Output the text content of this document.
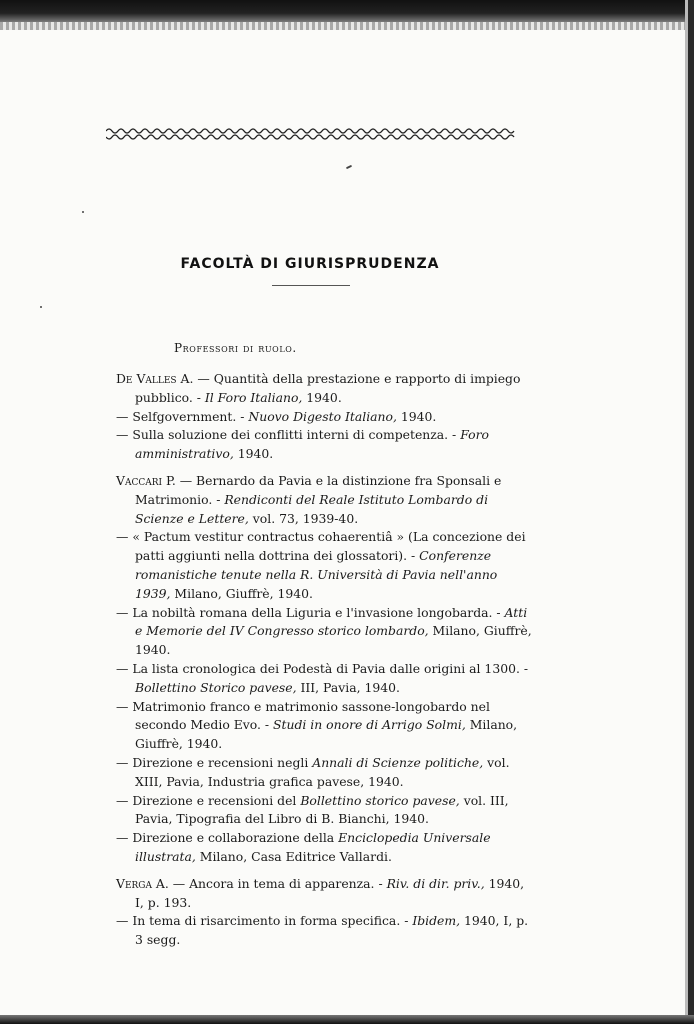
FACOLTÀ DI GIURISPRUDENZA
Professori di ruolo.
De Valles A. — Quantità della prestazione e rapporto di impiego pubblico. - Il Foro Italiano, 1940.
— Selfgovernment. - Nuovo Digesto Italiano, 1940.
— Sulla soluzione dei conflitti interni di competenza. - Foro amministrativo, 1940.
Vaccari P. — Bernardo da Pavia e la distinzione fra Sponsali e Matrimonio. - Rendiconti del Reale Istituto Lombardo di Scienze e Lettere, vol. 73, 1939-40.
— « Pactum vestitur contractus cohaerentiâ » (La concezione dei patti aggiunti nella dottrina dei glossatori). - Conferenze romanistiche tenute nella R. Università di Pavia nell'anno 1939, Milano, Giuffrè, 1940.
— La nobiltà romana della Liguria e l'invasione longobarda. - Atti e Memorie del IV Congresso storico lombardo, Milano, Giuffrè, 1940.
— La lista cronologica dei Podestà di Pavia dalle origini al 1300. - Bollettino Storico pavese, III, Pavia, 1940.
— Matrimonio franco e matrimonio sassone-longobardo nel secondo Medio Evo. - Studi in onore di Arrigo Solmi, Milano, Giuffrè, 1940.
— Direzione e recensioni negli Annali di Scienze politiche, vol. XIII, Pavia, Industria grafica pavese, 1940.
— Direzione e recensioni del Bollettino storico pavese, vol. III, Pavia, Tipografia del Libro di B. Bianchi, 1940.
— Direzione e collaborazione della Enciclopedia Universale illustrata, Milano, Casa Editrice Vallardi.
Verga A. — Ancora in tema di apparenza. - Riv. di dir. priv., 1940, I, p. 193.
— In tema di risarcimento in forma specifica. - Ibidem, 1940, I, p. 3 segg.
